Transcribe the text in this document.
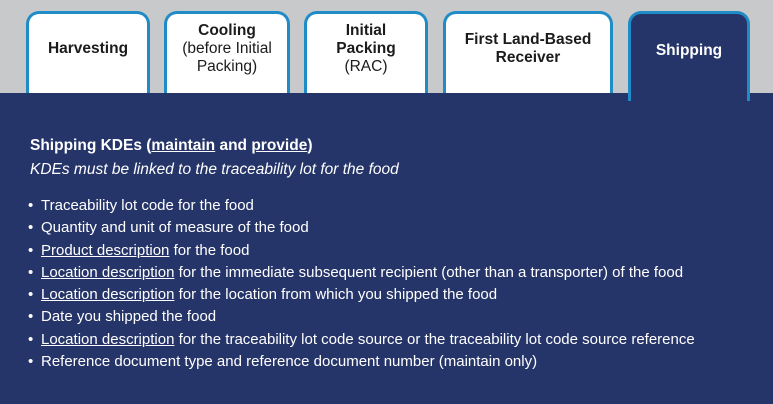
Harvesting
Cooling
(before Initial
Packing)
Initial
Packing
(RAC)
First Land-Based
Receiver	Shipping
Shipping KDEs (maintain and provide)
KDEs must be linked to the traceability lot for the food
• Traceability lot code for the food
• Quantity and unit of measure of the food
• Product description for the food
• Location description for the immediate subsequent recipient (other than a transporter) of the food
• Location description for the location from which you shipped the food
• Date you shipped the food
• Location description for the traceability lot code source or the traceability lot code source reference
• Reference document type and reference document number (maintain only)
